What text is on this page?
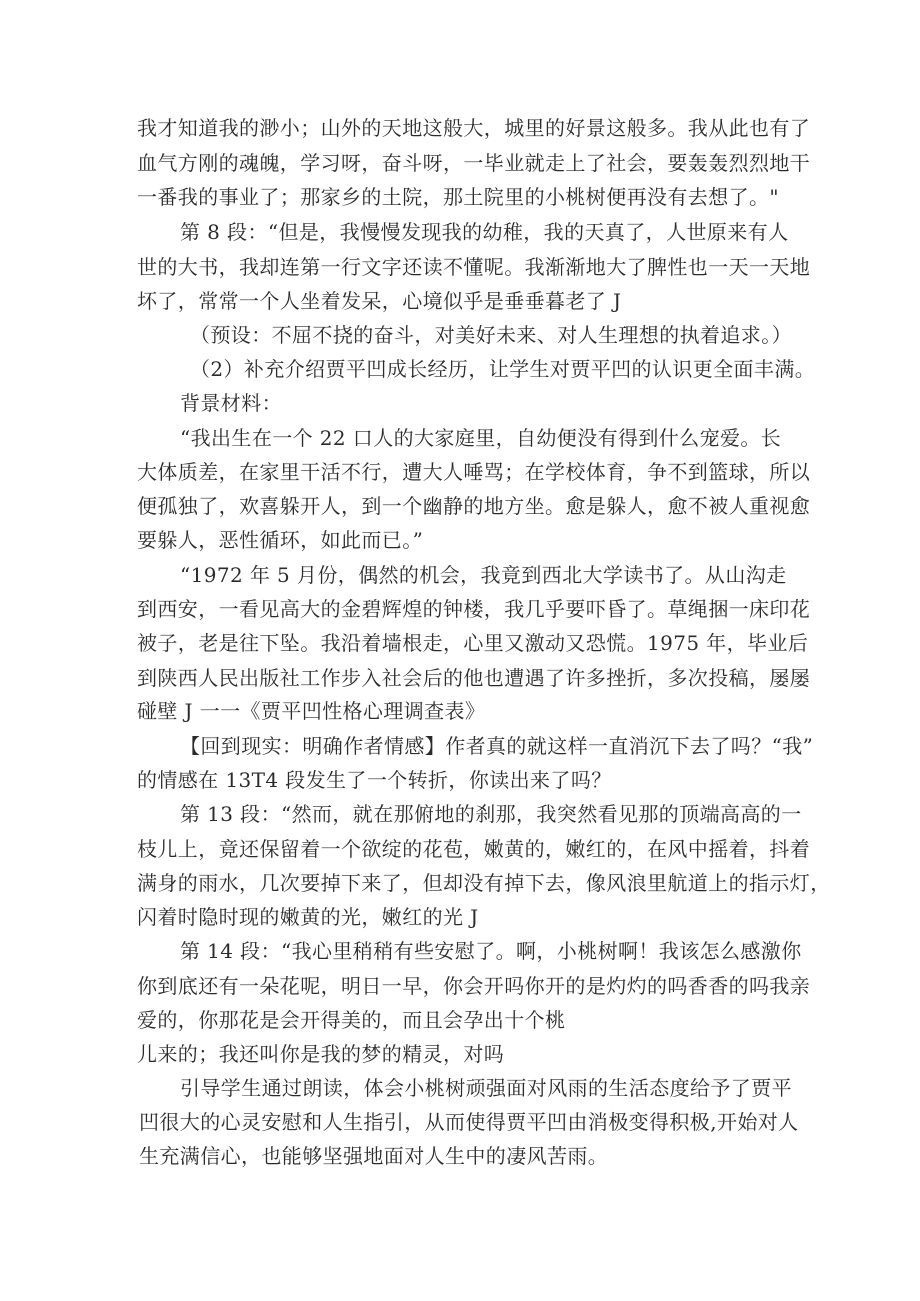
我才知道我的渺小；山外的天地这般大，城里的好景这般多。我从此也有了
血气方刚的魂魄，学习呀，奋斗呀，一毕业就走上了社会，要轰轰烈烈地干
一番我的事业了；那家乡的土院，那土院里的小桃树便再没有去想了。"
第 8 段：“但是，我慢慢发现我的幼稚，我的天真了，人世原来有人
世的大书，我却连第一行文字还读不懂呢。我渐渐地大了脾性也一天一天地
坏了，常常一个人坐着发呆，心境似乎是垂垂暮老了 J
（预设：不屈不挠的奋斗，对美好未来、对人生理想的执着追求。）
（2）补充介绍贾平凹成长经历，让学生对贾平凹的认识更全面丰满。
背景材料：
“我出生在一个 22 口人的大家庭里，自幼便没有得到什么宠爱。长
大体质差，在家里干活不行，遭大人唾骂；在学校体育，争不到篮球，所以
便孤独了，欢喜躲开人，到一个幽静的地方坐。愈是躲人，愈不被人重视愈
要躲人，恶性循环，如此而已。”
“1972 年 5 月份，偶然的机会，我竟到西北大学读书了。从山沟走
到西安，一看见高大的金碧辉煌的钟楼，我几乎要吓昏了。草绳捆一床印花
被子，老是往下坠。我沿着墙根走，心里又激动又恐慌。1975 年，毕业后
到陕西人民出版社工作步入社会后的他也遭遇了许多挫折，多次投稿，屡屡
碰壁 J 一一《贾平凹性格心理调查表》
【回到现实：明确作者情感】作者真的就这样一直消沉下去了吗？“我”
的情感在 13T4 段发生了一个转折，你读出来了吗？
第 13 段：“然而，就在那俯地的刹那，我突然看见那的顶端高高的一
枝儿上，竟还保留着一个欲绽的花苞，嫩黄的，嫩红的，在风中摇着，抖着
满身的雨水，几次要掉下来了，但却没有掉下去，像风浪里航道上的指示灯，
闪着时隐时现的嫩黄的光，嫩红的光 J
第 14 段：“我心里稍稍有些安慰了。啊，小桃树啊！我该怎么感激你
你到底还有一朵花呢，明日一早，你会开吗你开的是灼灼的吗香香的吗我亲
爱的，你那花是会开得美的，而且会孕出十个桃
儿来的；我还叫你是我的梦的精灵，对吗
引导学生通过朗读，体会小桃树顽强面对风雨的生活态度给予了贾平
凹很大的心灵安慰和人生指引，从而使得贾平凹由消极变得积极,开始对人
生充满信心，也能够坚强地面对人生中的凄风苦雨。
